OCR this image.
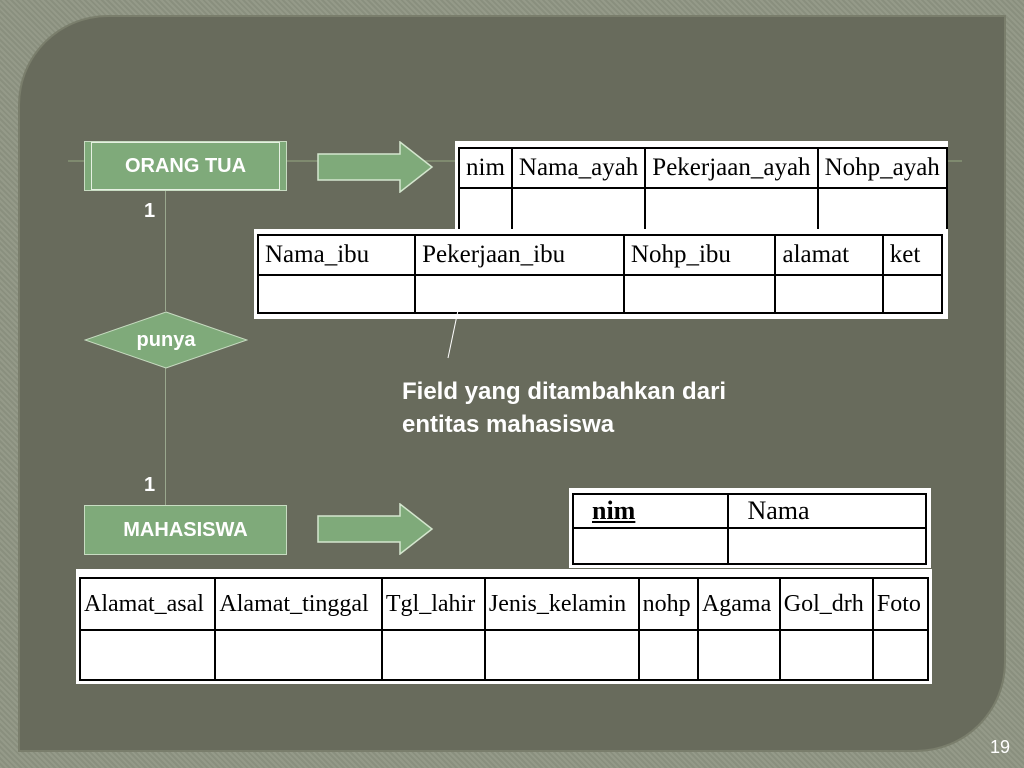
ORANG TUA
1
1
punya
MAHASISWA
nim	Nama_ayah	Pekerjaan_ayah	Nohp_ayah

Nama_ibu	Pekerjaan_ibu	Nohp_ibu	alamat	ket

Field yang ditambahkan dari
entitas mahasiswa
nim	Nama

Alamat_asal	Alamat_tinggal	Tgl_lahir	Jenis_kelamin	nohp	Agama	Gol_drh	Foto

19
